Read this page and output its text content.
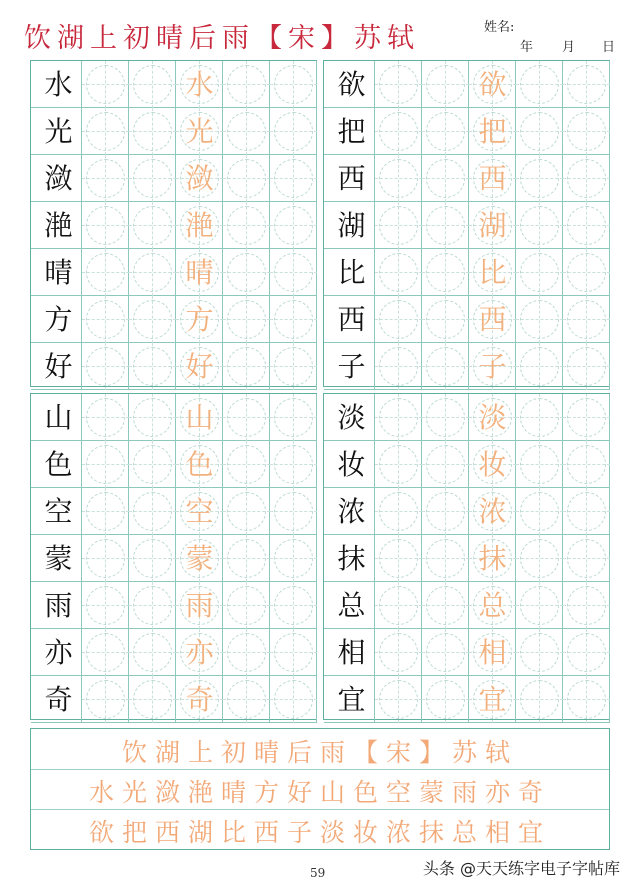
饮湖上初晴后雨【宋】苏轼	姓名:
年 月 日
水	水
光	光
潋	潋
滟	滟
晴	晴
方	方
好	好
欲	欲
把	把
西	西
湖	湖
比	比
西	西
子	子
山	山
色	色
空	空
蒙	蒙
雨	雨
亦	亦
奇	奇
淡	淡
妆	妆
浓	浓
抹	抹
总	总
相	相
宜	宜
饮湖上初晴后雨【宋】苏轼
水光潋滟晴方好山色空蒙雨亦奇
欲把西湖比西子淡妆浓抹总相宜
59	头条 @天天练字电子字帖库
